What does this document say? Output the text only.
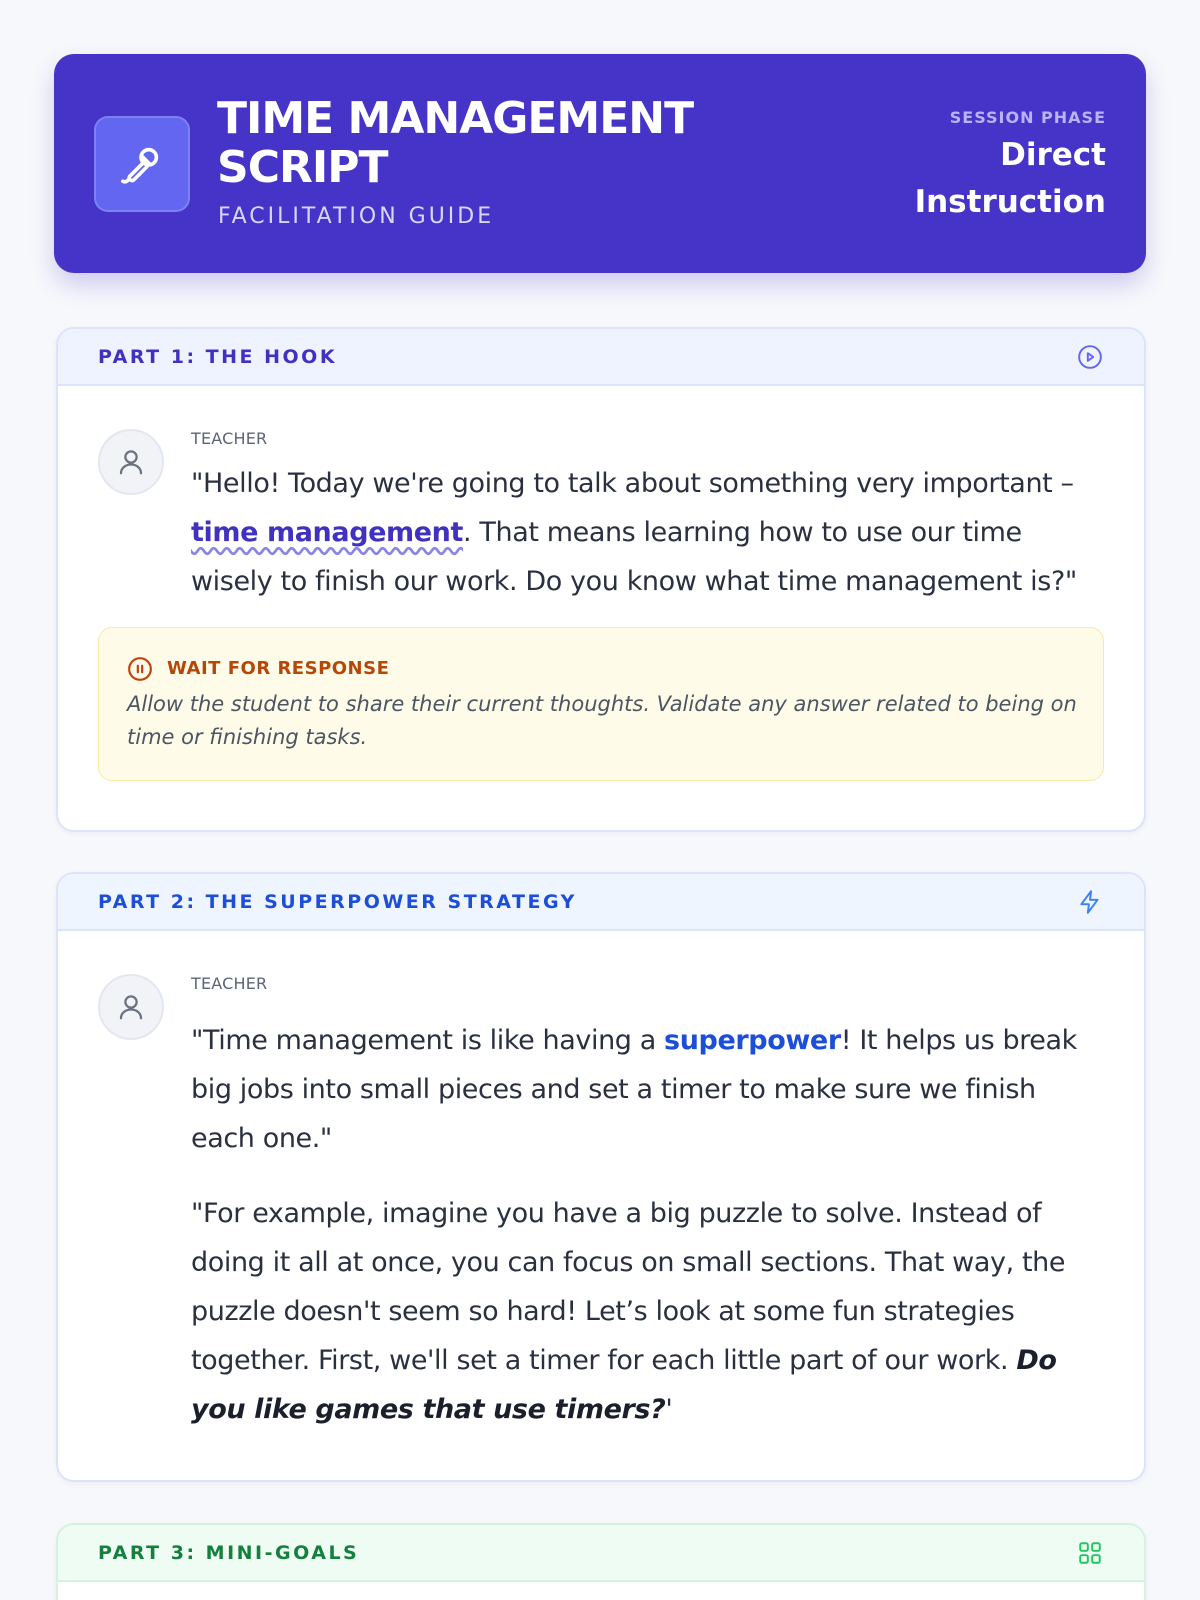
TIME MANAGEMENT
SCRIPT
FACILITATION GUIDE
SESSION PHASE
Direct
Instruction
PART 1: THE HOOK
TEACHER
"Hello! Today we're going to talk about something very important –
time management. That means learning how to use our time
wisely to finish our work. Do you know what time management is?"
WAIT FOR RESPONSE
Allow the student to share their current thoughts. Validate any answer related to being on time or finishing tasks.
PART 2: THE SUPERPOWER STRATEGY
TEACHER
"Time management is like having a superpower! It helps us break big jobs into small pieces and set a timer to make sure we finish each one."
"For example, imagine you have a big puzzle to solve. Instead of doing it all at once, you can focus on small sections. That way, the puzzle doesn't seem so hard! Let’s look at some fun strategies together. First, we'll set a timer for each little part of our work. Do you like games that use timers?'
PART 3: MINI-GOALS
